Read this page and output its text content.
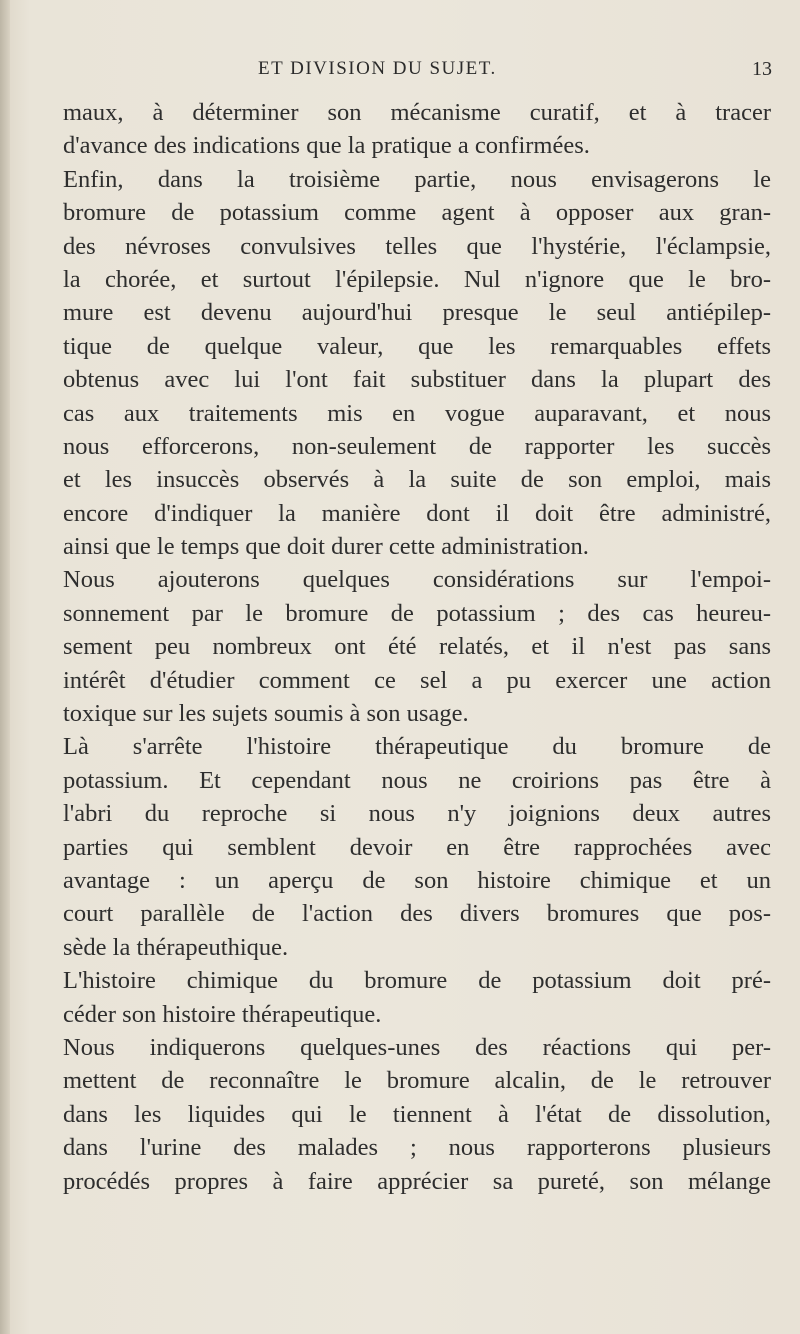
ET DIVISION DU SUJET.	13
maux, à déterminer son mécanisme curatif, et à tracer
d'avance des indications que la pratique a confirmées.
Enfin, dans la troisième partie, nous envisagerons le
bromure de potassium comme agent à opposer aux gran-
des névroses convulsives telles que l'hystérie, l'éclampsie,
la chorée, et surtout l'épilepsie. Nul n'ignore que le bro-
mure est devenu aujourd'hui presque le seul antiépilep-
tique de quelque valeur, que les remarquables effets
obtenus avec lui l'ont fait substituer dans la plupart des
cas aux traitements mis en vogue auparavant, et nous
nous efforcerons, non-seulement de rapporter les succès
et les insuccès observés à la suite de son emploi, mais
encore d'indiquer la manière dont il doit être administré,
ainsi que le temps que doit durer cette administration.
Nous ajouterons quelques considérations sur l'empoi-
sonnement par le bromure de potassium ; des cas heureu-
sement peu nombreux ont été relatés, et il n'est pas sans
intérêt d'étudier comment ce sel a pu exercer une action
toxique sur les sujets soumis à son usage.
Là s'arrête l'histoire thérapeutique du bromure de
potassium. Et cependant nous ne croirions pas être à
l'abri du reproche si nous n'y joignions deux autres
parties qui semblent devoir en être rapprochées avec
avantage : un aperçu de son histoire chimique et un
court parallèle de l'action des divers bromures que pos-
sède la thérapeuthique.
L'histoire chimique du bromure de potassium doit pré-
céder son histoire thérapeutique.
Nous indiquerons quelques-unes des réactions qui per-
mettent de reconnaître le bromure alcalin, de le retrouver
dans les liquides qui le tiennent à l'état de dissolution,
dans l'urine des malades ; nous rapporterons plusieurs
procédés propres à faire apprécier sa pureté, son mélange
